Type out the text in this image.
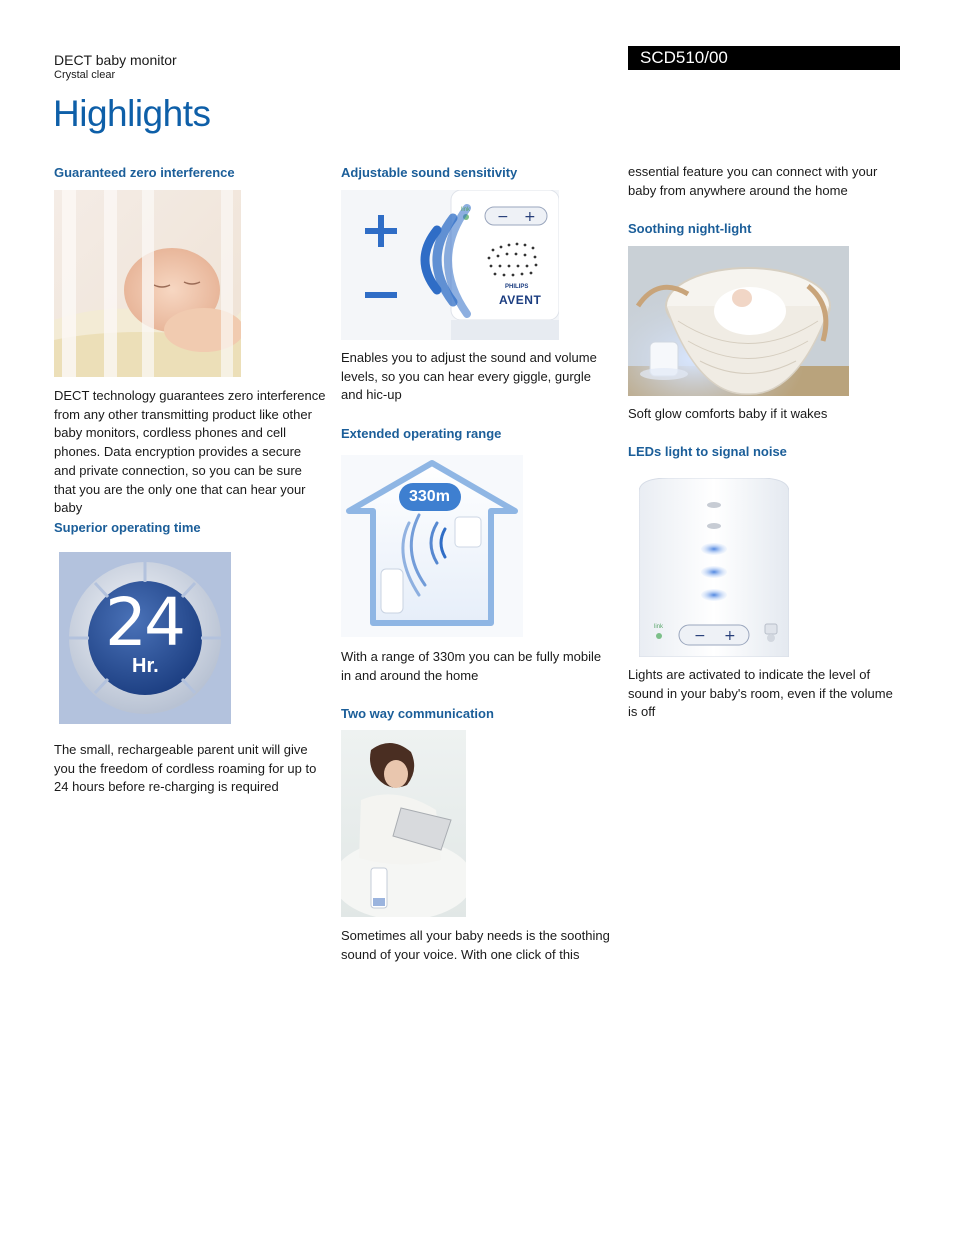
DECT baby monitor
Crystal clear
Highlights
SCD510/00
Guaranteed zero interference
DECT technology guarantees zero interference from any other transmitting product like other baby monitors, cordless phones and cell phones. Data encryption provides a secure and private connection, so you can be sure that you are the only one that can hear your baby
Superior operating time
24
Hr.
The small, rechargeable parent unit will give you the freedom of cordless roaming for up to 24 hours before re-charging is required
Adjustable sound sensitivity
− +
link
PHILIPS
AVENT
Enables you to adjust the sound and volume levels, so you can hear every giggle, gurgle and hic-up
Extended operating range
330m
With a range of 330m you can be fully mobile in and around the home
Two way communication
Sometimes all your baby needs is the soothing sound of your voice. With one click of this
essential feature you can connect with your baby from anywhere around the home
Soothing night-light
Soft glow comforts baby if it wakes
LEDs light to signal noise
− +
link
Lights are activated to indicate the level of sound in your baby's room, even if the volume is off
